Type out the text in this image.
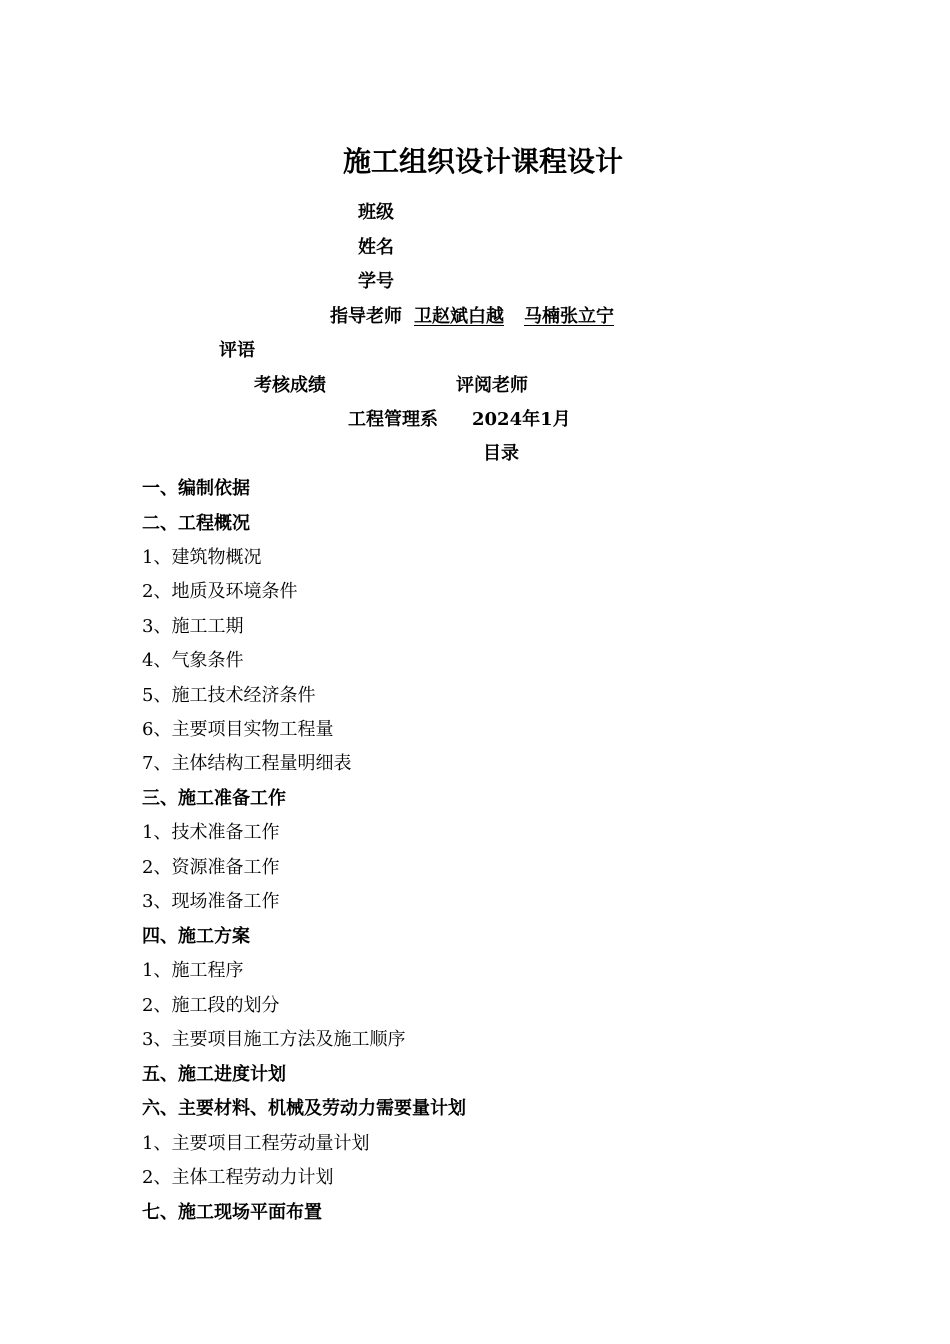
施工组织设计课程设计
班级
姓名
学号
指导老师 卫赵斌白越 马楠张立宁
评语
考核成绩	评阅老师
工程管理系 2024年1月
目录
一、编制依据
二、工程概况
1、建筑物概况
2、地质及环境条件
3、施工工期
4、气象条件
5、施工技术经济条件
6、主要项目实物工程量
7、主体结构工程量明细表
三、施工准备工作
1、技术准备工作
2、资源准备工作
3、现场准备工作
四、施工方案
1、施工程序
2、施工段的划分
3、主要项目施工方法及施工顺序
五、施工进度计划
六、主要材料、机械及劳动力需要量计划
1、主要项目工程劳动量计划
2、主体工程劳动力计划
七、施工现场平面布置
